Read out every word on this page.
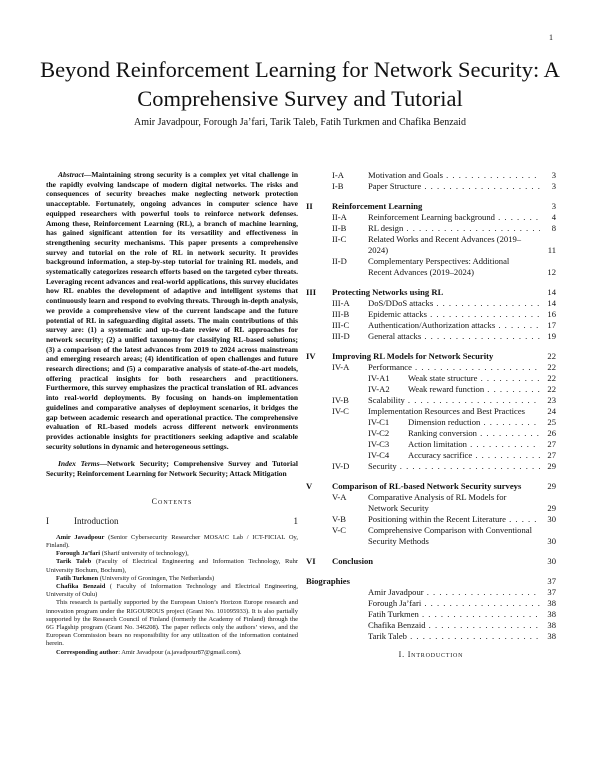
1
Beyond Reinforcement Learning for Network Security: A Comprehensive Survey and Tutorial
Amir Javadpour, Forough Ja’fari, Tarik Taleb, Fatih Turkmen and Chafika Benzaid

Abstract—Maintaining strong security is a complex yet vital challenge in the rapidly evolving landscape of modern digital networks. The risks and consequences of security breaches make neglecting network protection unacceptable. Fortunately, ongoing advances in computer science have equipped researchers with powerful tools to reinforce network defenses. Among these, Reinforcement Learning (RL), a branch of machine learning, has gained significant attention for its versatility and effectiveness in strengthening security mechanisms. This paper presents a comprehensive survey and tutorial on the role of RL in network security. It provides background information, a step-by-step tutorial for training RL models, and systematically categorizes research efforts based on the targeted cyber threats. Leveraging recent advances and real-world applications, this survey elucidates how RL enables the development of adaptive and intelligent systems that continuously learn and respond to evolving threats. Through in-depth analysis, we provide a comprehensive view of the current landscape and the future potential of RL in safeguarding digital assets. The main contributions of this survey are: (1) a systematic and up-to-date review of RL approaches for network security; (2) a unified taxonomy for classifying RL-based solutions; (3) a comparison of the latest advances from 2019 to 2024 across mainstream and emerging research areas; (4) identification of open challenges and future research directions; and (5) a comparative analysis of state-of-the-art models, offering practical insights for both researchers and practitioners. Furthermore, this survey emphasizes the practical translation of RL advances into real-world deployments. By focusing on hands-on implementation guidelines and comparative analyses of deployment scenarios, it bridges the gap between academic research and operational practice. The comprehensive evaluation of RL-based models across different network environments provides actionable insights for practitioners seeking adaptive and scalable security solutions in dynamic and heterogeneous settings.

Index Terms—Network Security; Comprehensive Survey and Tutorial Security; Reinforcement Learning for Network Security; Attack Mitigation

Contents
I	Introduction	1

Amir Javadpour (Senior Cybersecurity Researcher MOSA!C Lab / ICT-FICIAL Oy, Finland).

Forough Ja’fari (Sharif university of technology),

Tarik Taleb (Faculty of Electrical Engineering and Information Technology, Ruhr University Bochum, Bochum),

Fatih Turkmen (University of Groningen, The Netherlands)

Chafika Benzaid ( Faculty of Information Technology and Electrical Engineering, University of Oulu)

This research is partially supported by the European Union’s Horizon Europe research and innovation program under the RIGOUROUS project (Grant No. 101095933). It is also partially supported by the Research Council of Finland (formerly the Academy of Finland) through the 6G Flagship program (Grant No. 346208). The paper reflects only the authors’ views, and the European Commission bears no responsibility for any utilization of the information contained herein.

Corresponding author: Amir Javadpour (a.javadpour87@gmail.com).

I-A	Motivation and Goals . . .	3
I-B	Paper Structure . . .	3
II	Reinforcement Learning	3
II-A	Reinforcement Learning background . . .	4
II-B	RL design . . .	8
II-C	Related Works and Recent Advances (2019–2024)	11
II-D	Complementary Perspectives: Additional Recent Advances (2019–2024)	12
III	Protecting Networks using RL	14
III-A	DoS/DDoS attacks . . .	14
III-B	Epidemic attacks . . .	16
III-C	Authentication/Authorization attacks . . .	17
III-D	General attacks . . .	19
IV	Improving RL Models for Network Security	22
IV-A	Performance . . .	22
IV-A1	Weak state structure . . .	22
IV-A2	Weak reward function . . .	22
IV-B	Scalability . . .	23
IV-C	Implementation Resources and Best Practices	24
IV-C1	Dimension reduction . . .	25
IV-C2	Ranking conversion . . .	26
IV-C3	Action limitation . . .	27
IV-C4	Accuracy sacrifice . . .	27
IV-D	Security . . .	29
V	Comparison of RL-based Network Security surveys	29
V-A	Comparative Analysis of RL Models for Network Security	29
V-B	Positioning within the Recent Literature . . .	30
V-C	Comprehensive Comparison with Conventional Security Methods	30
VI	Conclusion	30
Biographies	37
Amir Javadpour . . .	37
Forough Ja’fari . . .	38
Fatih Turkmen . . .	38
Chafika Benzaid . . .	38
Tarik Taleb . . .	38
I. Introduction
